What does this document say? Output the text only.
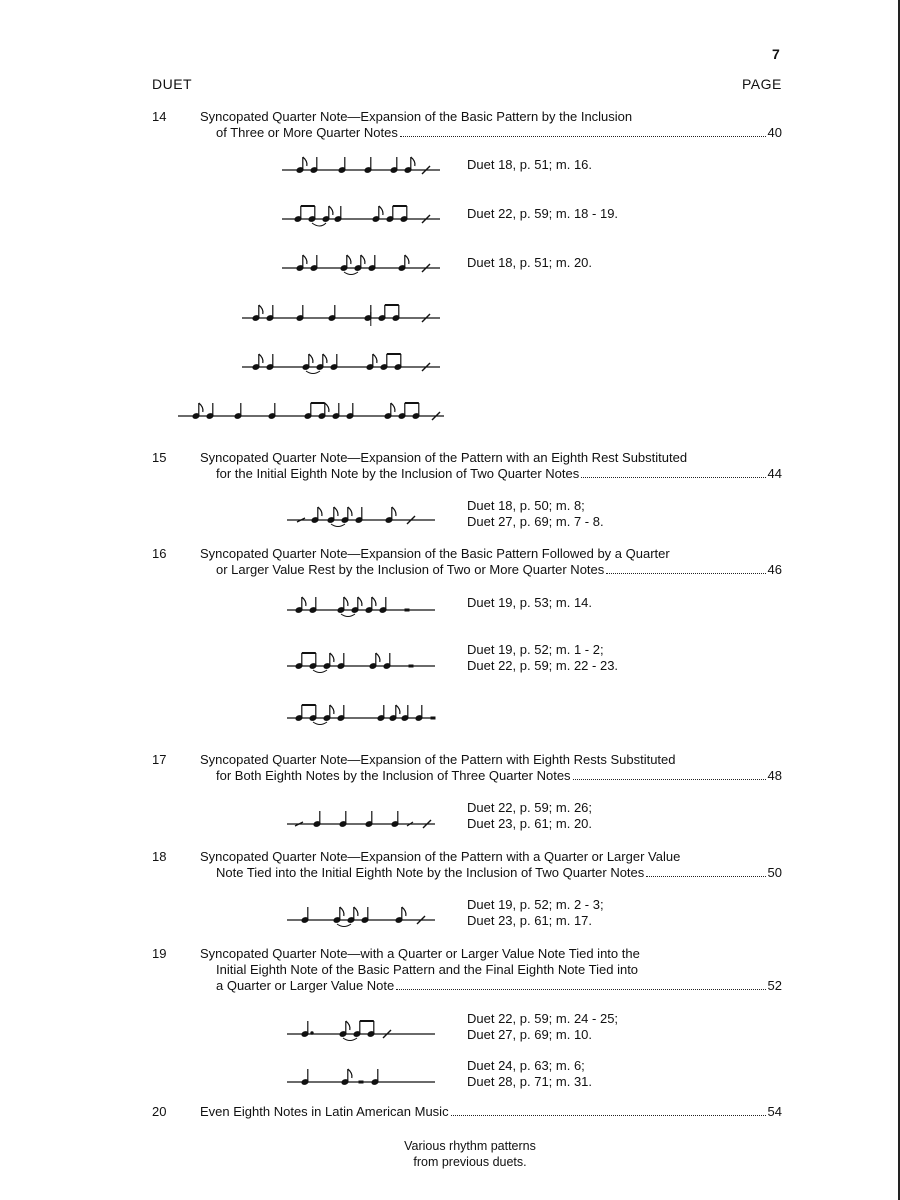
7
DUET	PAGE
14	Syncopated Quarter Note—Expansion of the Basic Pattern by the Inclusion
of Three or More Quarter Notes	40
Duet 18, p. 51; m. 16.
Duet 22, p. 59; m. 18 - 19.
Duet 18, p. 51; m. 20.
15	Syncopated Quarter Note—Expansion of the Pattern with an Eighth Rest Substituted
for the Initial Eighth Note by the Inclusion of Two Quarter Notes	44
Duet 18, p. 50; m. 8;
Duet 27, p. 69; m. 7 - 8.
16	Syncopated Quarter Note—Expansion of the Basic Pattern Followed by a Quarter
or Larger Value Rest by the Inclusion of Two or More Quarter Notes	46
Duet 19, p. 53; m. 14.
Duet 19, p. 52; m. 1 - 2;
Duet 22, p. 59; m. 22 - 23.
17	Syncopated Quarter Note—Expansion of the Pattern with Eighth Rests Substituted
for Both Eighth Notes by the Inclusion of Three Quarter Notes	48
Duet 22, p. 59; m. 26;
Duet 23, p. 61; m. 20.
18	Syncopated Quarter Note—Expansion of the Pattern with a Quarter or Larger Value
Note Tied into the Initial Eighth Note by the Inclusion of Two Quarter Notes	50
Duet 19, p. 52; m. 2 - 3;
Duet 23, p. 61; m. 17.
19	Syncopated Quarter Note—with a Quarter or Larger Value Note Tied into the
Initial Eighth Note of the Basic Pattern and the Final Eighth Note Tied into
a Quarter or Larger Value Note	52
Duet 22, p. 59; m. 24 - 25;
Duet 27, p. 69; m. 10.
Duet 24, p. 63; m. 6;
Duet 28, p. 71; m. 31.
20	Even Eighth Notes in Latin American Music	54
Various rhythm patterns
from previous duets.
